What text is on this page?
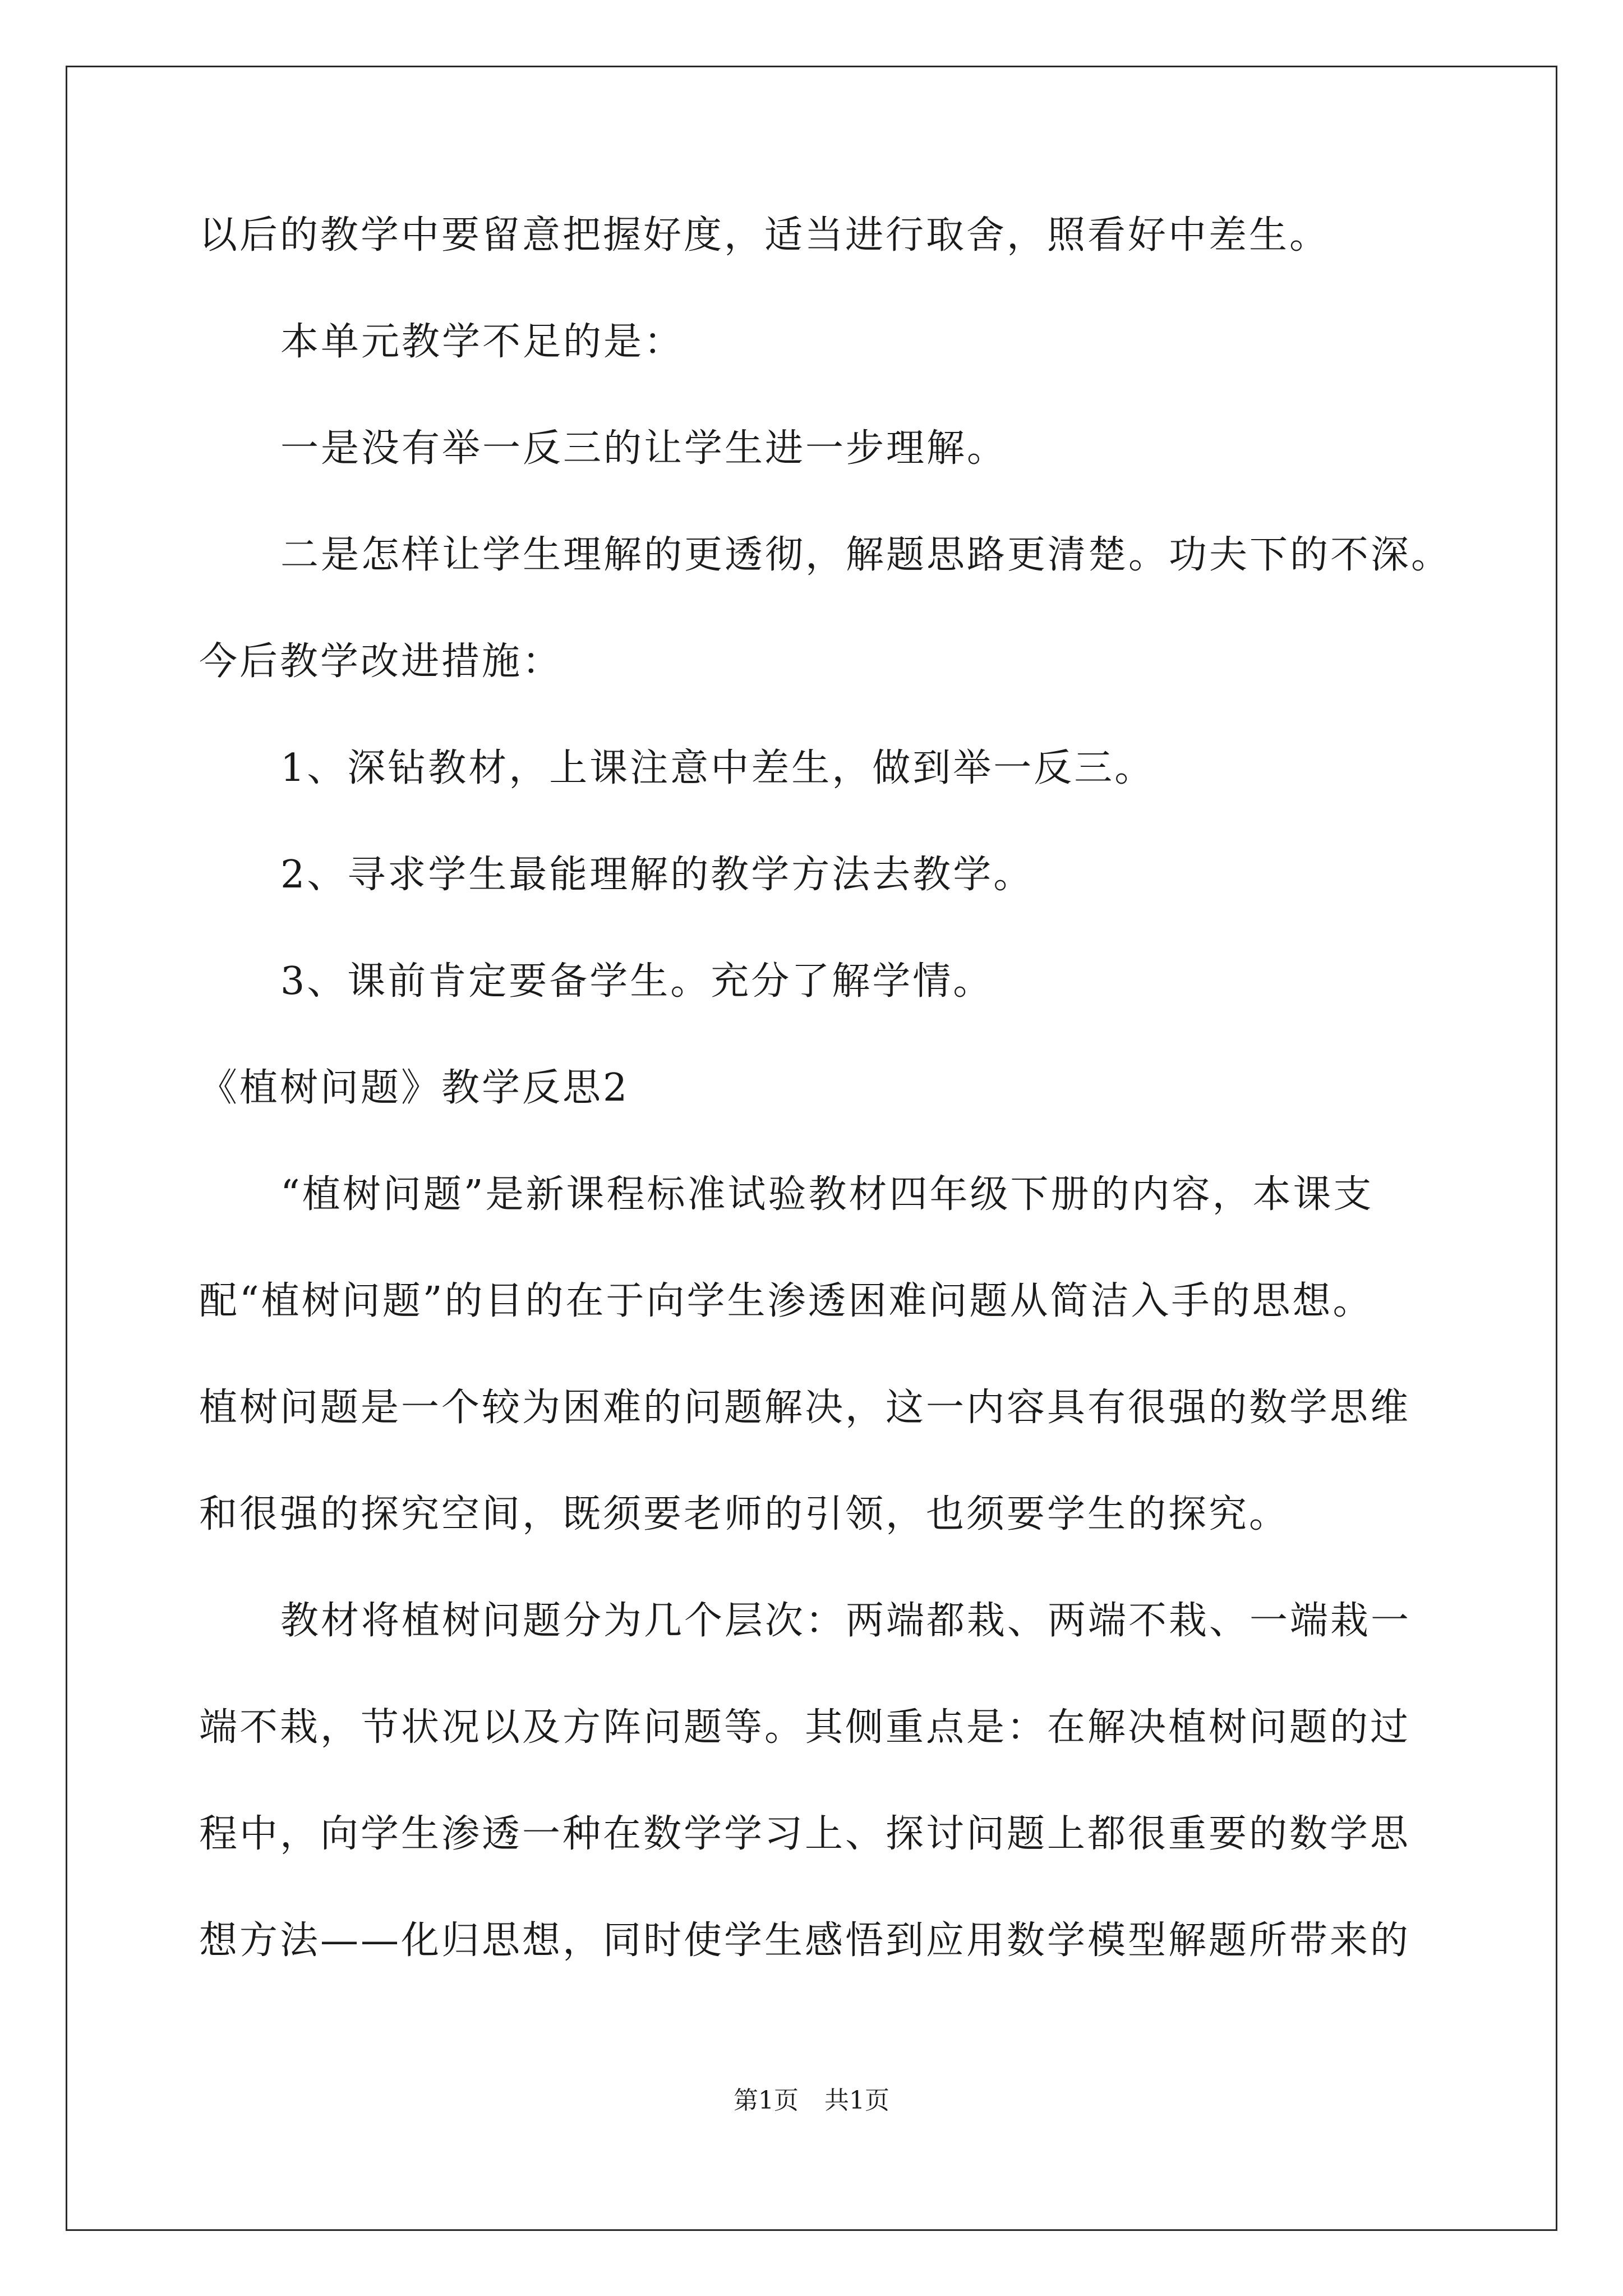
以后的教学中要留意把握好度，适当进行取舍，照看好中差生。
本单元教学不足的是：
一是没有举一反三的让学生进一步理解。
二是怎样让学生理解的更透彻，解题思路更清楚。功夫下的不深。
今后教学改进措施：
1、深钻教材，上课注意中差生，做到举一反三。
2、寻求学生最能理解的教学方法去教学。
3、课前肯定要备学生。充分了解学情。
《植树问题》教学反思2
“植树问题”是新课程标准试验教材四年级下册的内容，本课支
配“植树问题”的目的在于向学生渗透困难问题从简洁入手的思想。
植树问题是一个较为困难的问题解决，这一内容具有很强的数学思维
和很强的探究空间，既须要老师的引领，也须要学生的探究。
教材将植树问题分为几个层次：两端都栽、两端不栽、一端栽一
端不栽，节状况以及方阵问题等。其侧重点是：在解决植树问题的过
程中，向学生渗透一种在数学学习上、探讨问题上都很重要的数学思
想方法——化归思想，同时使学生感悟到应用数学模型解题所带来的
第1页 共1页
